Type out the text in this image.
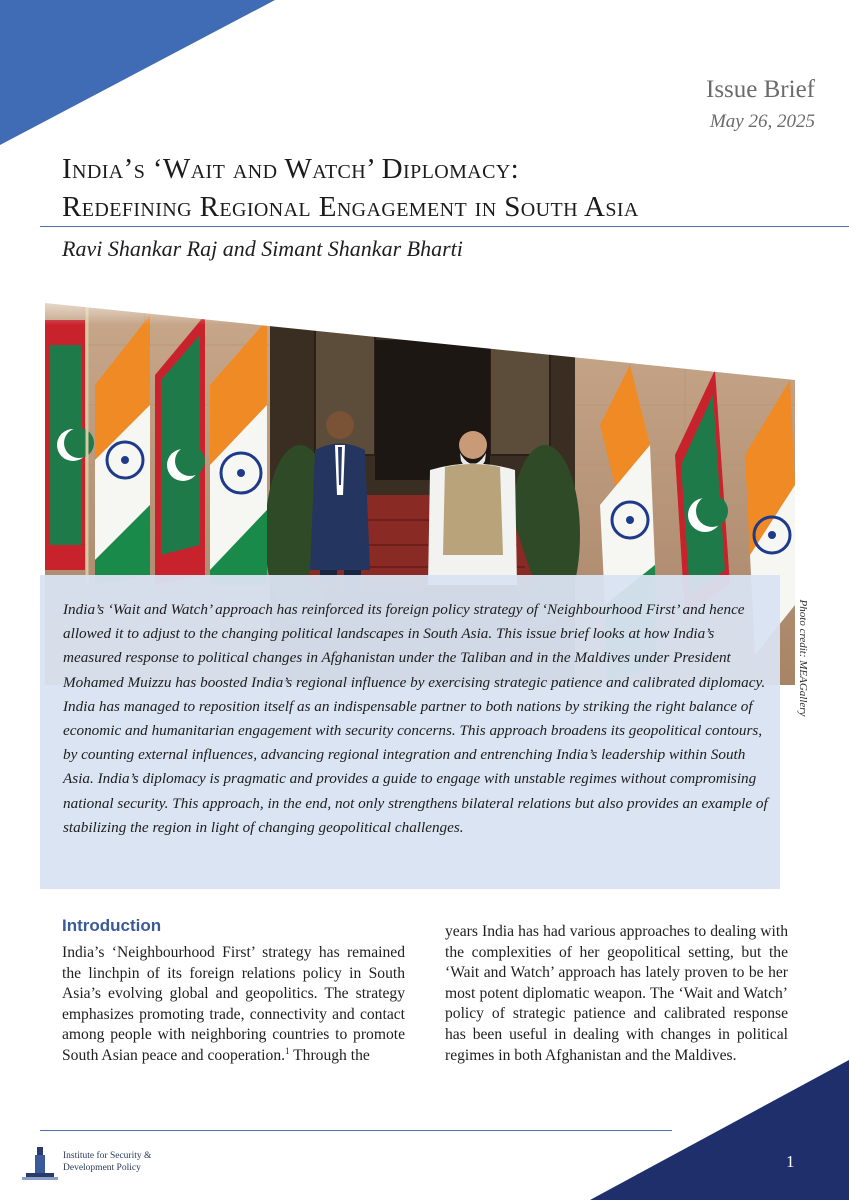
Issue Brief
May 26, 2025
India’s ‘Wait and Watch’ Diplomacy:
Redefining Regional Engagement in South Asia
Ravi Shankar Raj and Simant Shankar Bharti
Photo credit: MEAGallery
India’s ‘Wait and Watch’ approach has reinforced its foreign policy strategy of ‘Neighbourhood First’ and hence allowed it to adjust to the changing political landscapes in South Asia. This issue brief looks at how India’s measured response to political changes in Afghanistan under the Taliban and in the Maldives under President Mohamed Muizzu has boosted India’s regional influence by exercising strategic patience and calibrated diplomacy. India has managed to reposition itself as an indispensable partner to both nations by striking the right balance of economic and humanitarian engagement with security concerns. This approach broadens its geopolitical contours, by counting external influences, advancing regional integration and entrenching India’s leadership within South Asia. India’s diplomacy is pragmatic and provides a guide to engage with unstable regimes without compromising national security. This approach, in the end, not only strengthens bilateral relations but also provides an example of stabilizing the region in light of changing geopolitical challenges.
Introduction
India’s ‘Neighbourhood First’ strategy has remained the linchpin of its foreign relations policy in South Asia’s evolving global and geopolitics. The strategy emphasizes promoting trade, connectivity and contact among people with neighboring countries to promote South Asian peace and cooperation.$^1$ Through the
years India has had various approaches to dealing with the complexities of her geopolitical setting, but the ‘Wait and Watch’ approach has lately proven to be her most potent diplomatic weapon. The ‘Wait and Watch’ policy of strategic patience and calibrated response has been useful in dealing with changes in political regimes in both Afghanistan and the Maldives.
Institute for Security &
Development Policy	1
